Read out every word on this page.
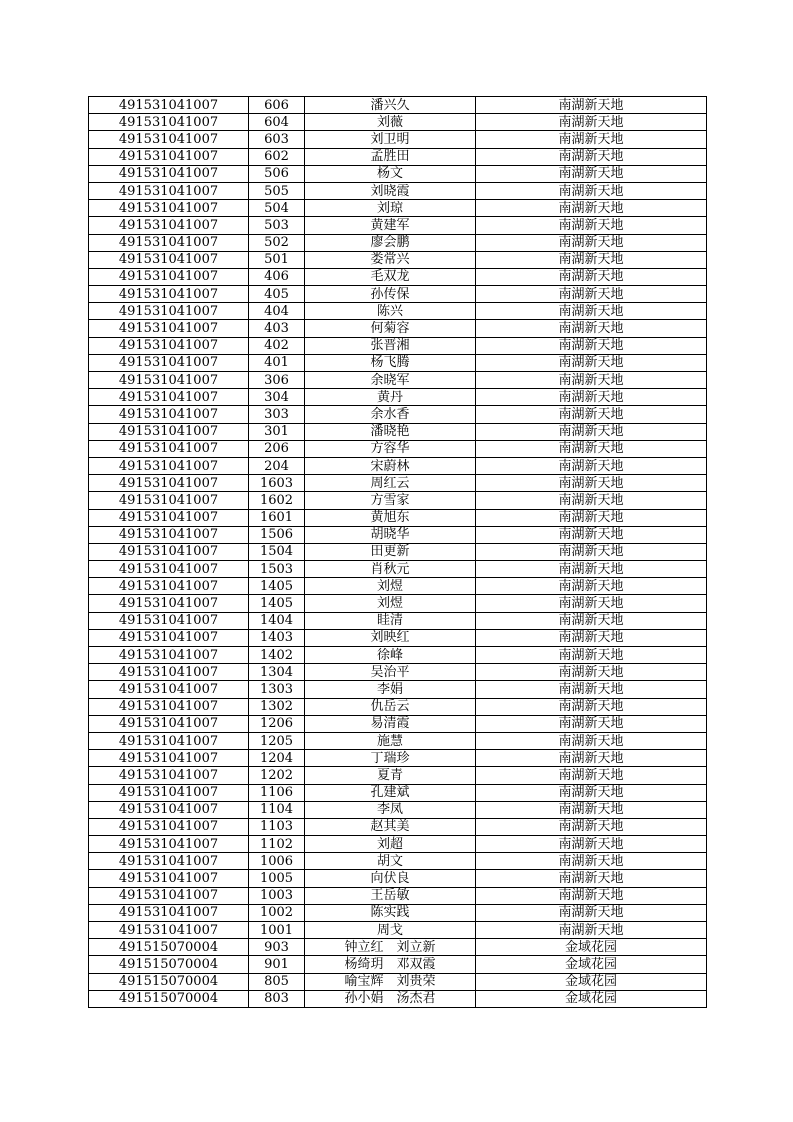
491531041007	606	潘兴久	南湖新天地
491531041007	604	刘薇	南湖新天地
491531041007	603	刘卫明	南湖新天地
491531041007	602	孟胜田	南湖新天地
491531041007	506	杨文	南湖新天地
491531041007	505	刘晓霞	南湖新天地
491531041007	504	刘琼	南湖新天地
491531041007	503	黄建军	南湖新天地
491531041007	502	廖会鹏	南湖新天地
491531041007	501	娄常兴	南湖新天地
491531041007	406	毛双龙	南湖新天地
491531041007	405	孙传保	南湖新天地
491531041007	404	陈兴	南湖新天地
491531041007	403	何菊容	南湖新天地
491531041007	402	张晋湘	南湖新天地
491531041007	401	杨飞腾	南湖新天地
491531041007	306	余晓军	南湖新天地
491531041007	304	黄丹	南湖新天地
491531041007	303	余水香	南湖新天地
491531041007	301	潘晓艳	南湖新天地
491531041007	206	方容华	南湖新天地
491531041007	204	宋蔚林	南湖新天地
491531041007	1603	周红云	南湖新天地
491531041007	1602	方雪家	南湖新天地
491531041007	1601	黄旭东	南湖新天地
491531041007	1506	胡晓华	南湖新天地
491531041007	1504	田更新	南湖新天地
491531041007	1503	肖秋元	南湖新天地
491531041007	1405	刘煜	南湖新天地
491531041007	1405	刘煜	南湖新天地
491531041007	1404	眭清	南湖新天地
491531041007	1403	刘映红	南湖新天地
491531041007	1402	徐峰	南湖新天地
491531041007	1304	吴治平	南湖新天地
491531041007	1303	李娟	南湖新天地
491531041007	1302	仇岳云	南湖新天地
491531041007	1206	易清霞	南湖新天地
491531041007	1205	施慧	南湖新天地
491531041007	1204	丁瑞珍	南湖新天地
491531041007	1202	夏青	南湖新天地
491531041007	1106	孔建斌	南湖新天地
491531041007	1104	李凤	南湖新天地
491531041007	1103	赵其美	南湖新天地
491531041007	1102	刘超	南湖新天地
491531041007	1006	胡文	南湖新天地
491531041007	1005	向伏良	南湖新天地
491531041007	1003	王岳敏	南湖新天地
491531041007	1002	陈实践	南湖新天地
491531041007	1001	周戈	南湖新天地
491515070004	903	钟立红　刘立新	金域花园
491515070004	901	杨绮玥　邓双霞	金域花园
491515070004	805	喻宝辉　刘贵荣	金域花园
491515070004	803	孙小娟　汤杰君	金域花园
